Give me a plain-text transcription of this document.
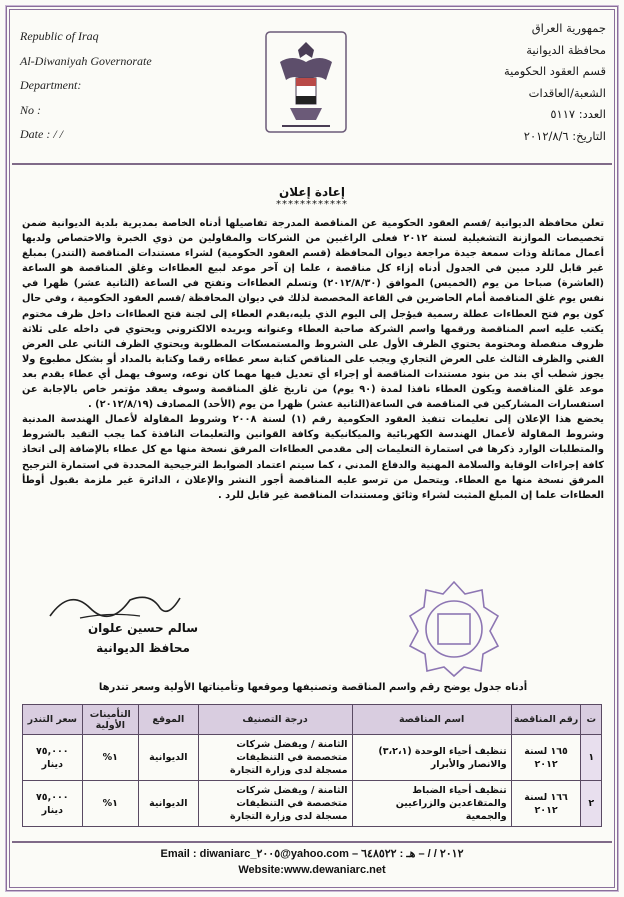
Republic of Iraq
Al-Diwaniyah Governorate
Department:
No :
Date : / /
جمهورية العراق
محافظة الديوانية
قسم العقود الحكومية
الشعبة/العاقدات
العدد: ٥١١٧
التاريخ: ٢٠١٢/٨/٦
إعادة إعلان
************

تعلن محافظة الديوانية /قسم العقود الحكومية عن المناقصة المدرجة تفاصيلها أدناه الخاصة بمديرية بلدية الديوانية ضمن تخصيصات الموازنة التشغيلية لسنة ٢٠١٢ فعلى الراغبين من الشركات والمقاولين من ذوي الخبرة والاختصاص ولديها أعمال مماثلة وذات سمعة جيدة مراجعة ديوان المحافظة (قسم العقود الحكومية) لشراء مستندات المناقصة (التندر) بمبلغ غير قابل للرد مبين في الجدول أدناه إزاء كل مناقصة ، علما إن آخر موعد لبيع العطاءات وغلق المناقصة هو الساعة (العاشرة) صباحا من يوم (الخميس) الموافق (٢٠١٢/٨/٣٠) وتسلم العطاءات وتفتح في الساعة (الثانية عشر) ظهرا في نفس يوم غلق المناقصة أمام الحاضرين في القاعة المخصصة لذلك في ديوان المحافظة /قسم العقود الحكومية ، وفي حال كون يوم فتح العطاءات عطلة رسمية فيؤجل إلى اليوم الذي يليه،يقدم العطاء إلى لجنة فتح العطاءات داخل ظرف مختوم يكتب عليه اسم المناقصة ورقمها واسم الشركة صاحبة العطاء وعنوانه وبريده الالكتروني ويحتوي في داخله على ثلاثة ظروف منفصلة ومختومة يحتوي الظرف الأول على الشروط والمستمسكات المطلوبة ويحتوي الظرف الثاني على العرض الفني والظرف الثالث على العرض التجاري ويجب على المناقص كتابة سعر عطاءه رقما وكتابة بالمداد أو بشكل مطبوع ولا يجوز شطب أي بند من بنود مستندات المناقصة أو إجراء أي تعديل فيها مهما كان نوعه، وسوف يهمل أي عطاء يقدم بعد موعد غلق المناقصة ويكون العطاء نافذا لمدة (٩٠ يوم) من تاريخ غلق المناقصة وسوف يعقد مؤتمر خاص بالإجابة عن استفسارات المشاركين في المناقصة في الساعة(الثانية عشر) ظهرا من يوم (الأحد) المصادف (٢٠١٢/٨/١٩) .

يخضع هذا الإعلان إلى تعليمات تنفيذ العقود الحكومية رقم (١) لسنة ٢٠٠٨ وشروط المقاولة لأعمال الهندسة المدنية وشروط المقاولة لأعمال الهندسة الكهربائية والميكانيكية وكافة القوانين والتعليمات النافذة كما يجب التقيد بالشروط والمتطلبات الوارد ذكرها في استمارة التعليمات إلى مقدمي العطاءات المرفق نسخة منها مع كل عطاء بالإضافة إلى اتخاذ كافة إجراءات الوقاية والسلامة المهنية والدفاع المدني ، كما سيتم اعتماد الضوابط الترجيحية المحددة في استمارة الترجيح المرفق نسخة منها مع العطاء. ويتحمل من ترسو عليه المناقصة أجور النشر والإعلان ، الدائرة غير ملزمة بقبول أوطأ العطاءات علما إن المبلغ المثبت لشراء وثائق ومستندات المناقصة غير قابل للرد .

سالم حسين علوان
محافظ الديوانية
أدناه جدول يوضح رقم واسم المناقصة وتصنيفها وموقعها وتأميناتها الأولية وسعر تندرها
ت	رقم المناقصة	اسم المناقصة	درجة التصنيف	الموقع	التأمينات الأولية	سعر التندر
١	١٦٥ لسنة ٢٠١٢	تنظيف أحياء الوحدة (٣،٢،١) والانصار والأبرار	الثامنة / ويفضل شركات متخصصة في التنظيفات مسجلة لدى وزارة التجارة	الديوانية	١%	٧٥,٠٠٠ دينار
٢	١٦٦ لسنة ٢٠١٢	تنظيف أحياء الضباط والمتقاعدين والزراعيين والجمعية	الثامنة / ويفضل شركات متخصصة في التنظيفات مسجلة لدى وزارة التجارة	الديوانية	١%	٧٥,٠٠٠ دينار
Email : diwaniarc_٢٠٠٥@yahoo.com – ٢٠١٢ / / – هـ : ٦٤٨٥٢٢
Website:www.dewaniarc.net
